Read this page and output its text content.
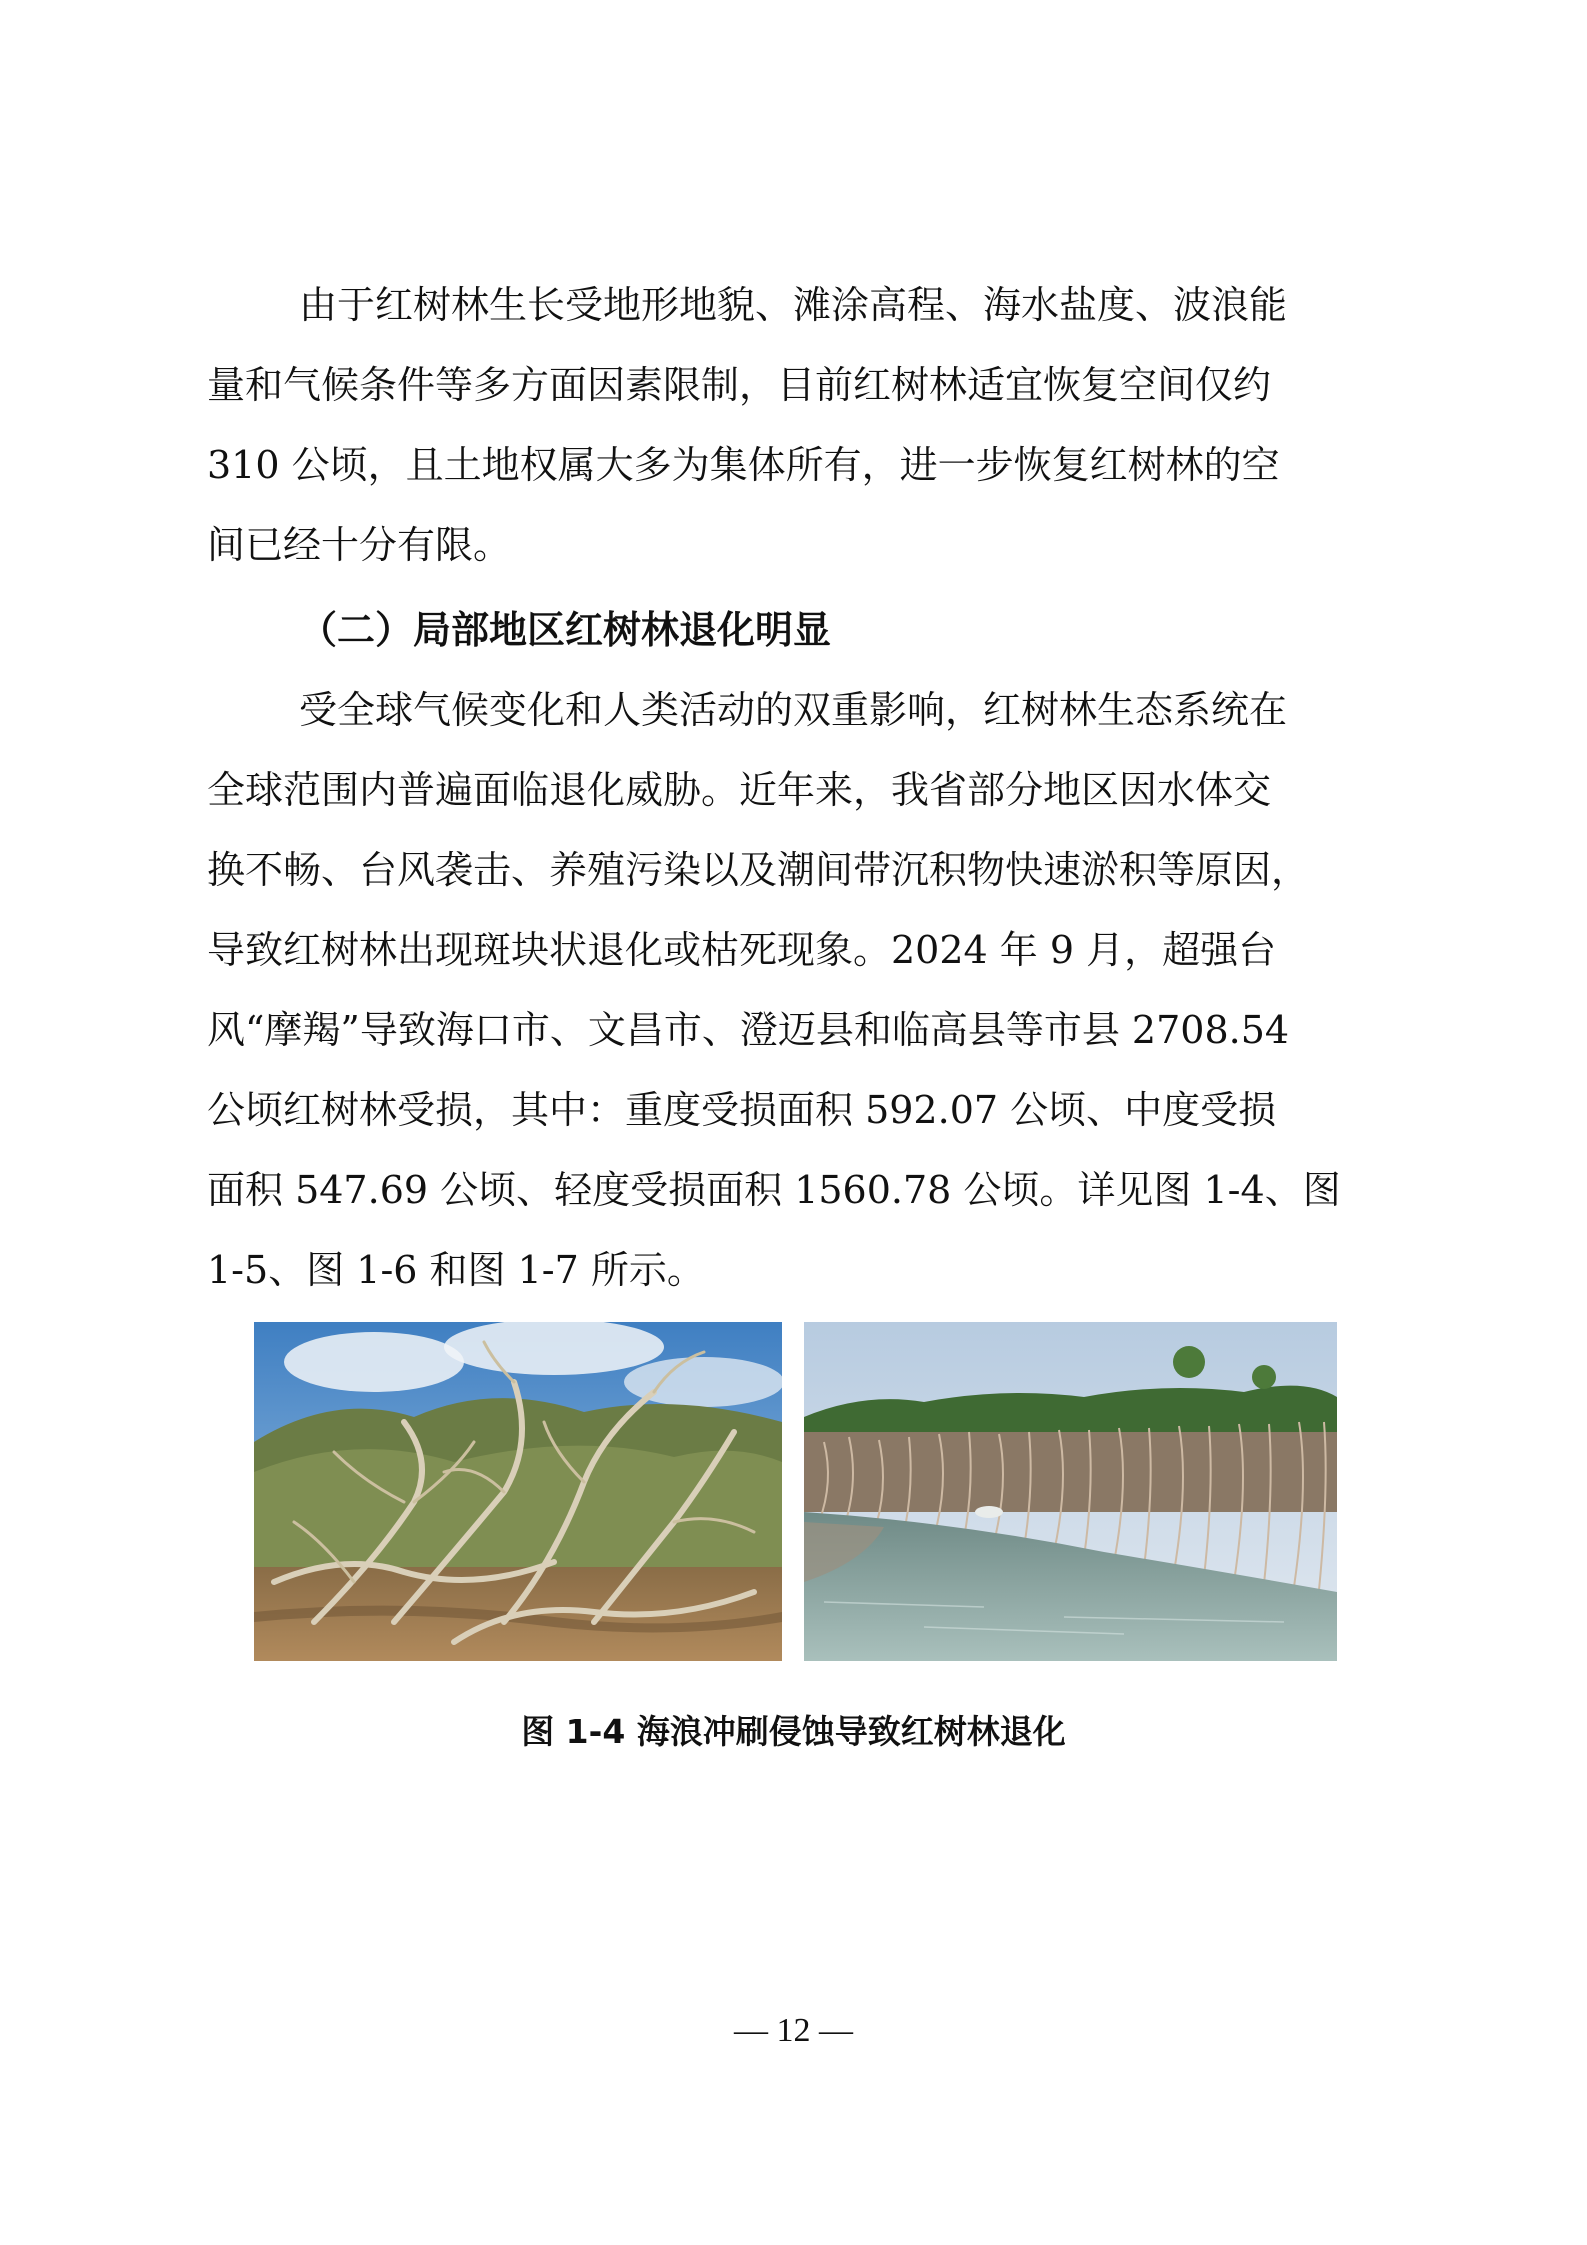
由于红树林生长受地形地貌、滩涂高程、海水盐度、波浪能
量和气候条件等多方面因素限制，目前红树林适宜恢复空间仅约
310 公顷，且土地权属大多为集体所有，进一步恢复红树林的空
间已经十分有限。
（二）局部地区红树林退化明显
受全球气候变化和人类活动的双重影响，红树林生态系统在
全球范围内普遍面临退化威胁。近年来，我省部分地区因水体交
换不畅、台风袭击、养殖污染以及潮间带沉积物快速淤积等原因，
导致红树林出现斑块状退化或枯死现象。2024 年 9 月，超强台
风“摩羯”导致海口市、文昌市、澄迈县和临高县等市县 2708.54
公顷红树林受损，其中：重度受损面积 592.07 公顷、中度受损
面积 547.69 公顷、轻度受损面积 1560.78 公顷。详见图 1-4、图
1-5、图 1-6 和图 1-7 所示。
图 1-4 海浪冲刷侵蚀导致红树林退化
— 12 —
